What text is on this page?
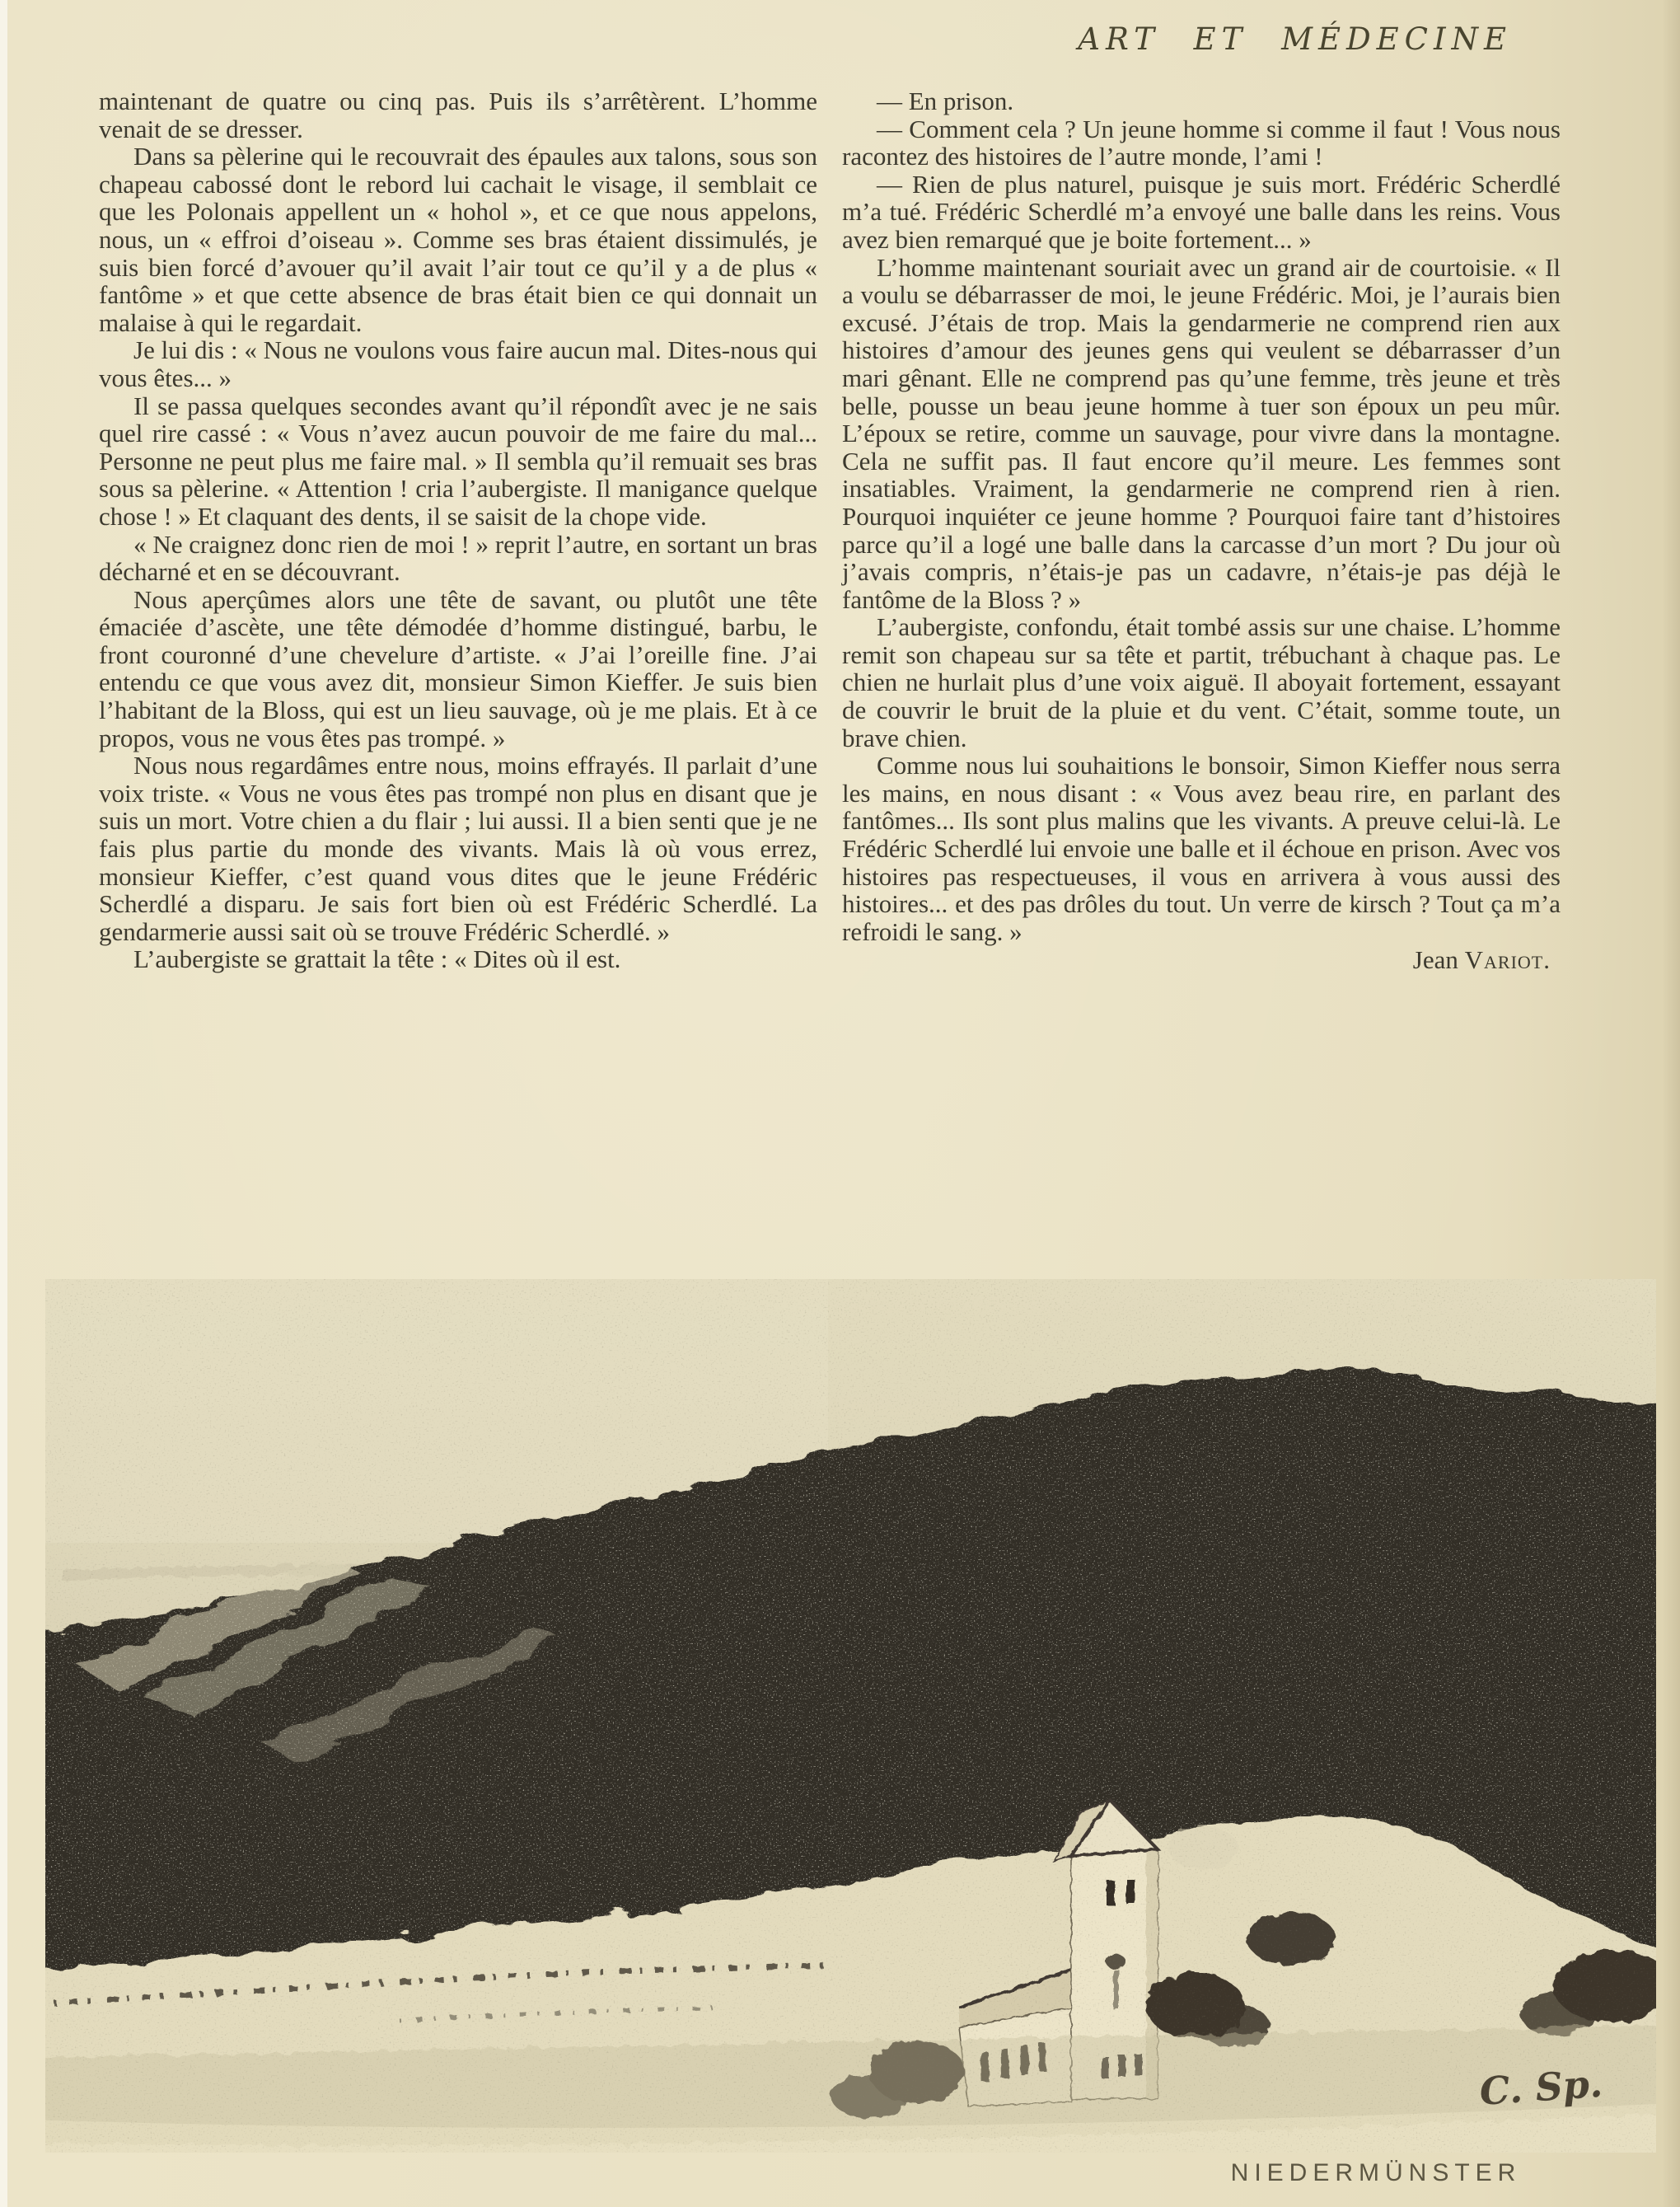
ART ET MÉDECINE

maintenant de quatre ou cinq pas. Puis ils s’arrêtèrent. L’homme venait de se dresser.

Dans sa pèlerine qui le recouvrait des épaules aux talons, sous son chapeau cabossé dont le rebord lui cachait le visage, il semblait ce que les Polonais appellent un « hohol », et ce que nous appelons, nous, un « effroi d’oiseau ». Comme ses bras étaient dissimulés, je suis bien forcé d’avouer qu’il avait l’air tout ce qu’il y a de plus « fantôme » et que cette absence de bras était bien ce qui donnait un malaise à qui le regardait.

Je lui dis : « Nous ne voulons vous faire aucun mal. Dites-nous qui vous êtes... »

Il se passa quelques secondes avant qu’il répondît avec je ne sais quel rire cassé : « Vous n’avez aucun pouvoir de me faire du mal... Personne ne peut plus me faire mal. » Il sembla qu’il remuait ses bras sous sa pèlerine. « Attention ! cria l’aubergiste. Il manigance quelque chose ! » Et claquant des dents, il se saisit de la chope vide.

« Ne craignez donc rien de moi ! » reprit l’autre, en sortant un bras décharné et en se découvrant.

Nous aperçûmes alors une tête de savant, ou plutôt une tête émaciée d’ascète, une tête démodée d’homme distingué, barbu, le front couronné d’une chevelure d’artiste. « J’ai l’oreille fine. J’ai entendu ce que vous avez dit, monsieur Simon Kieffer. Je suis bien l’habitant de la Bloss, qui est un lieu sauvage, où je me plais. Et à ce propos, vous ne vous êtes pas trompé. »

Nous nous regardâmes entre nous, moins effrayés. Il parlait d’une voix triste. « Vous ne vous êtes pas trompé non plus en disant que je suis un mort. Votre chien a du flair ; lui aussi. Il a bien senti que je ne fais plus partie du monde des vivants. Mais là où vous errez, monsieur Kieffer, c’est quand vous dites que le jeune Frédéric Scherdlé a disparu. Je sais fort bien où est Frédéric Scherdlé. La gendarmerie aussi sait où se trouve Frédéric Scherdlé. »

L’aubergiste se grattait la tête : « Dites où il est.

— En prison.

— Comment cela ? Un jeune homme si comme il faut ! Vous nous racontez des histoires de l’autre monde, l’ami !

— Rien de plus naturel, puisque je suis mort. Frédéric Scherdlé m’a tué. Frédéric Scherdlé m’a envoyé une balle dans les reins. Vous avez bien remarqué que je boite fortement... »

L’homme maintenant souriait avec un grand air de courtoisie. « Il a voulu se débarrasser de moi, le jeune Frédéric. Moi, je l’aurais bien excusé. J’étais de trop. Mais la gendarmerie ne comprend rien aux histoires d’amour des jeunes gens qui veulent se débarrasser d’un mari gênant. Elle ne comprend pas qu’une femme, très jeune et très belle, pousse un beau jeune homme à tuer son époux un peu mûr. L’époux se retire, comme un sauvage, pour vivre dans la montagne. Cela ne suffit pas. Il faut encore qu’il meure. Les femmes sont insatiables. Vraiment, la gendarmerie ne comprend rien à rien. Pourquoi inquiéter ce jeune homme ? Pourquoi faire tant d’histoires parce qu’il a logé une balle dans la carcasse d’un mort ? Du jour où j’avais compris, n’étais-je pas un cadavre, n’étais-je pas déjà le fantôme de la Bloss ? »

L’aubergiste, confondu, était tombé assis sur une chaise. L’homme remit son chapeau sur sa tête et partit, trébuchant à chaque pas. Le chien ne hurlait plus d’une voix aiguë. Il aboyait fortement, essayant de couvrir le bruit de la pluie et du vent. C’était, somme toute, un brave chien.

Comme nous lui souhaitions le bonsoir, Simon Kieffer nous serra les mains, en nous disant : « Vous avez beau rire, en parlant des fantômes... Ils sont plus malins que les vivants. A preuve celui-là. Le Frédéric Scherdlé lui envoie une balle et il échoue en prison. Avec vos histoires pas respectueuses, il vous en arrivera à vous aussi des histoires... et des pas drôles du tout. Un verre de kirsch ? Tout ça m’a refroidi le sang. »

Jean Variot.
NIEDERMÜNSTER
